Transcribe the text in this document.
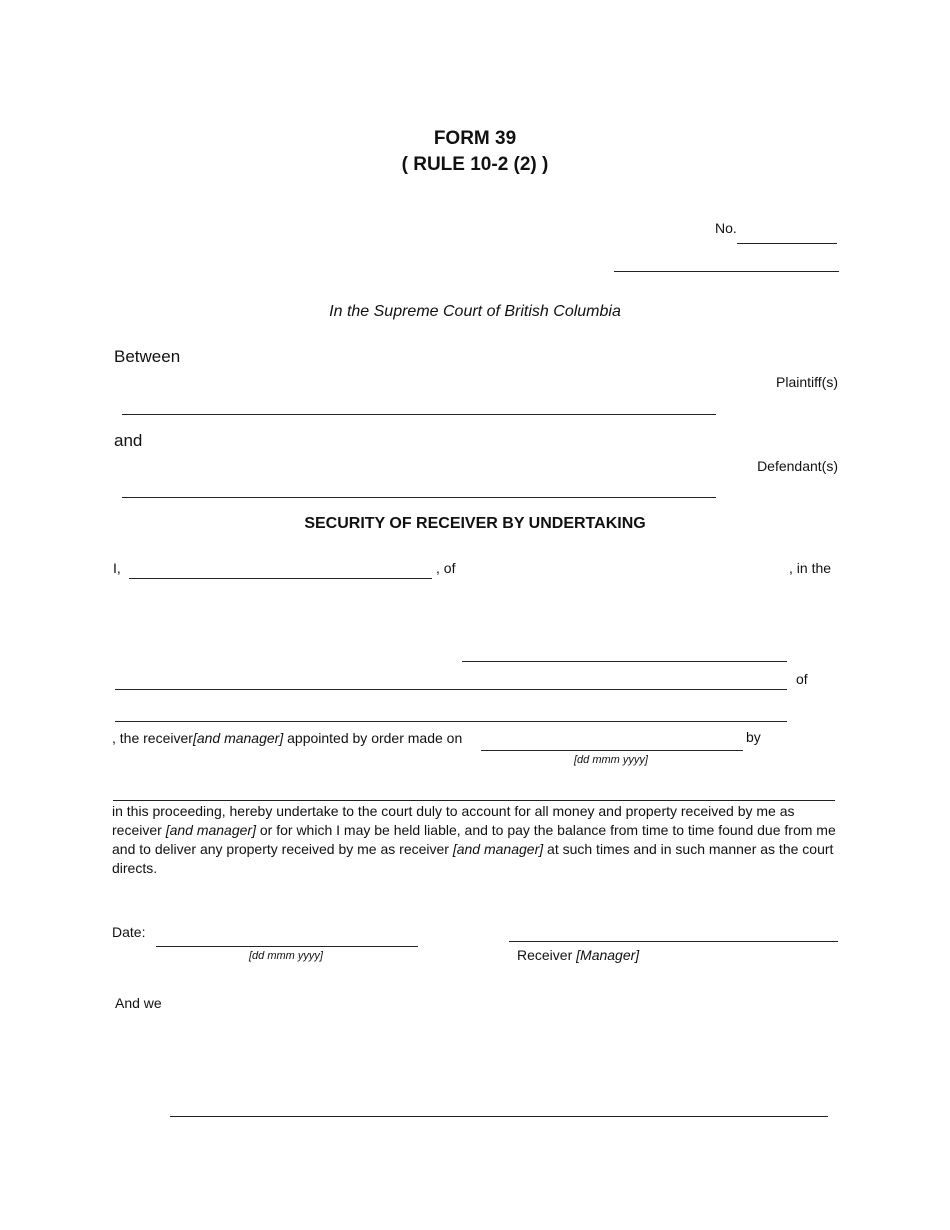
FORM 39
( RULE 10-2 (2) )
No.
In the Supreme Court of British Columbia
Between
Plaintiff(s)
and
Defendant(s)
SECURITY OF RECEIVER BY UNDERTAKING
I,	, of	, in the
of
, the receiver[and manager] appointed by order made on	by
[dd mmm yyyy]
in this proceeding, hereby undertake to the court duly to account for all money and property received by me as receiver [and manager] or for which I may be held liable, and to pay the balance from time to time found due from me and to deliver any property received by me as receiver [and manager] at such times and in such manner as the court directs.
Date:
[dd mmm yyyy]	Receiver [Manager]
And we
